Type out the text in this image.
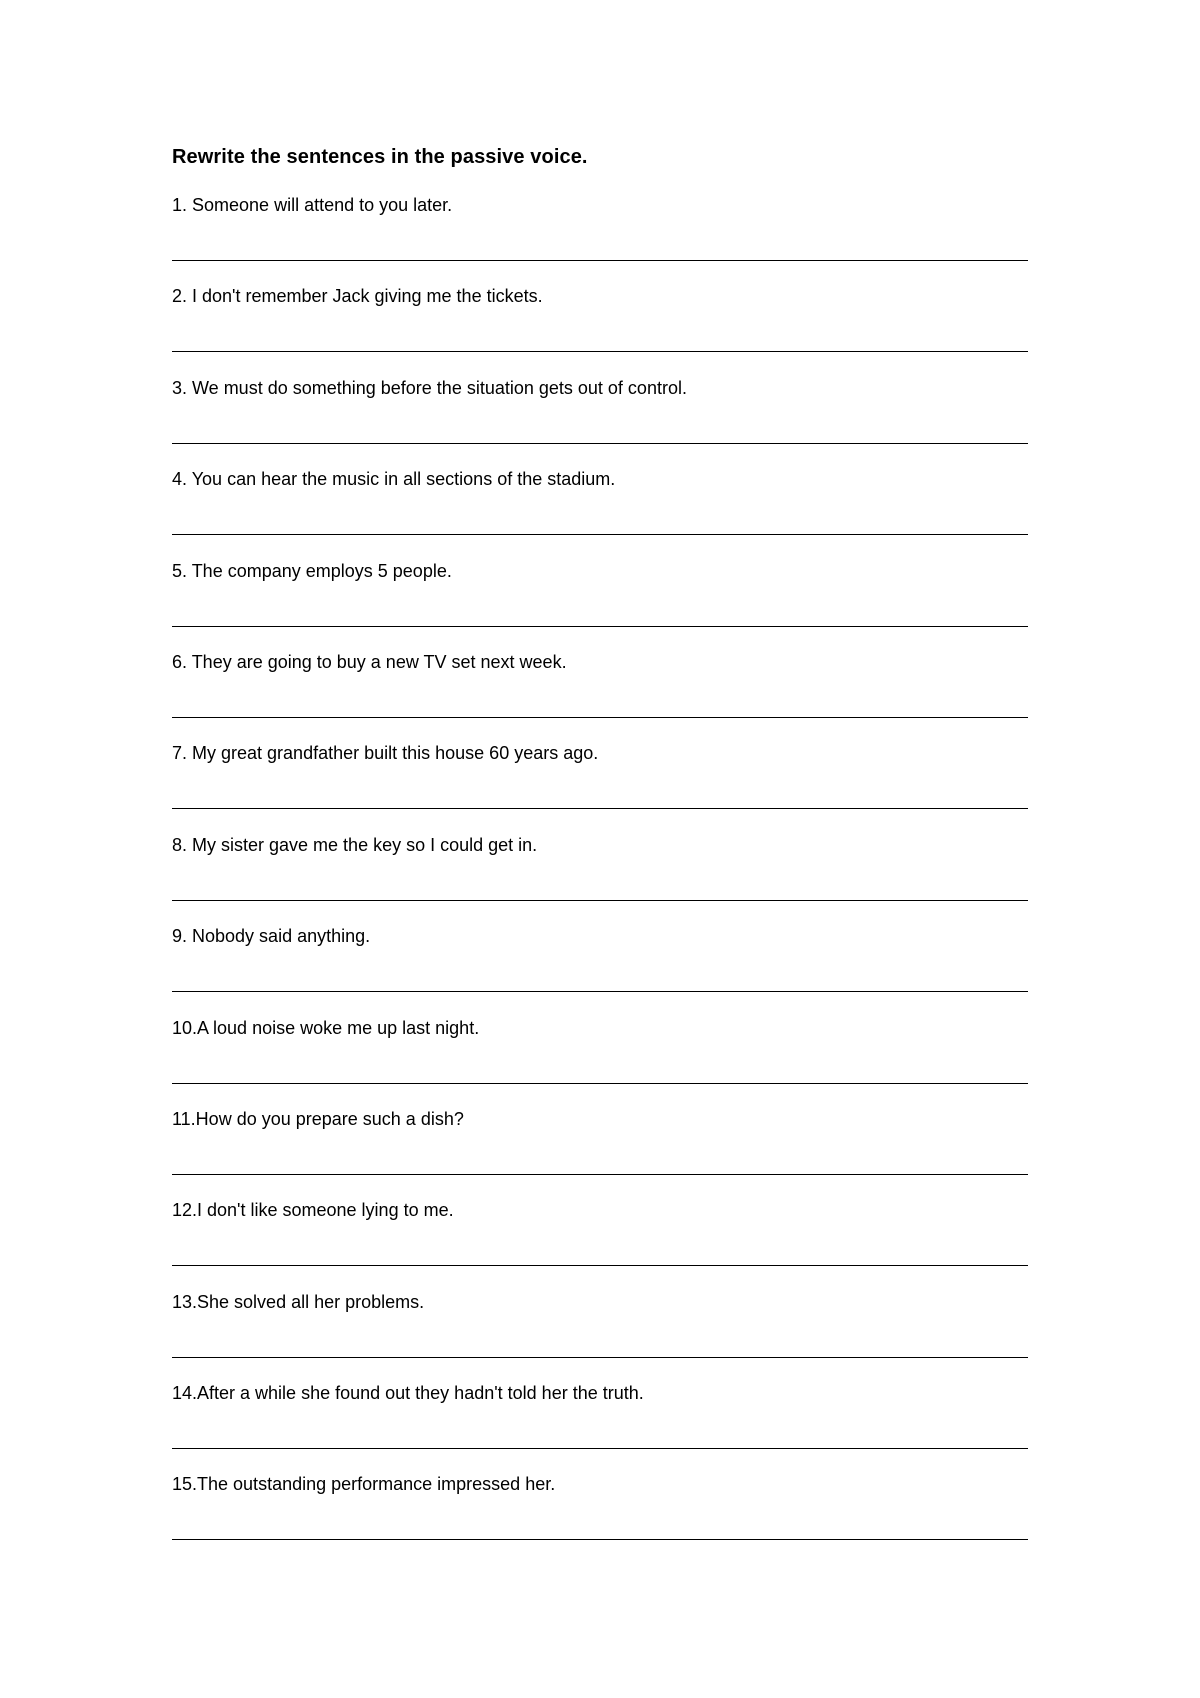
Rewrite the sentences in the passive voice.
1. Someone will attend to you later.
2. I don't remember Jack giving me the tickets.
3. We must do something before the situation gets out of control.
4. You can hear the music in all sections of the stadium.
5. The company employs 5 people.
6. They are going to buy a new TV set next week.
7. My great grandfather built this house 60 years ago.
8. My sister gave me the key so I could get in.
9. Nobody said anything.
10.A loud noise woke me up last night.
11.How do you prepare such a dish?
12.I don't like someone lying to me.
13.She solved all her problems.
14.After a while she found out they hadn't told her the truth.
15.The outstanding performance impressed her.
